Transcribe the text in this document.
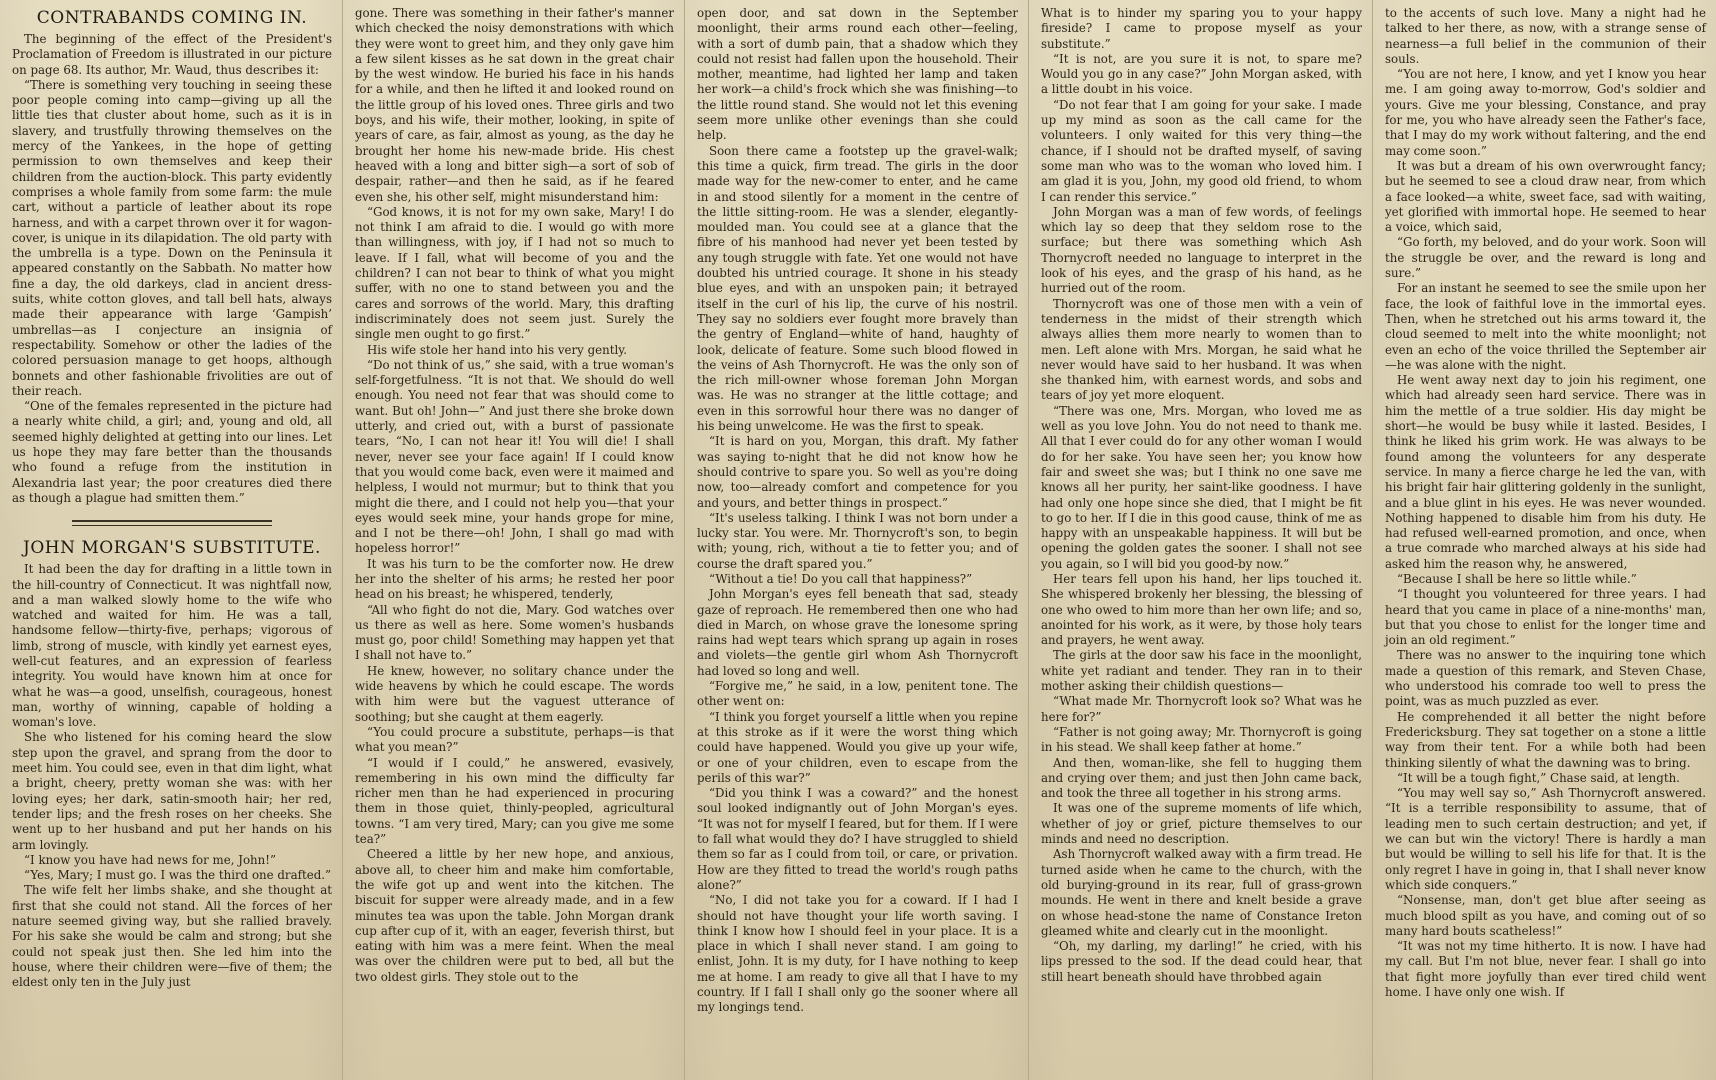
CONTRABANDS COMING IN.

The beginning of the effect of the President's Proclamation of Freedom is illustrated in our picture on page 68. Its author, Mr. Waud, thus describes it:

“There is something very touching in seeing these poor people coming into camp—giving up all the little ties that cluster about home, such as it is in slavery, and trustfully throwing themselves on the mercy of the Yankees, in the hope of getting permission to own themselves and keep their children from the auction-block. This party evidently comprises a whole family from some farm: the mule cart, without a particle of leather about its rope harness, and with a carpet thrown over it for wagon-cover, is unique in its dilapidation. The old party with the umbrella is a type. Down on the Peninsula it appeared constantly on the Sabbath. No matter how fine a day, the old darkeys, clad in ancient dress-suits, white cotton gloves, and tall bell hats, always made their appearance with large ‘Gampish’ umbrellas—as I conjecture an insignia of respectability. Somehow or other the ladies of the colored persuasion manage to get hoops, although bonnets and other fashionable frivolities are out of their reach.

“One of the females represented in the picture had a nearly white child, a girl; and, young and old, all seemed highly delighted at getting into our lines. Let us hope they may fare better than the thousands who found a refuge from the institution in Alexandria last year; the poor creatures died there as though a plague had smitten them.”

JOHN MORGAN'S SUBSTITUTE.

It had been the day for drafting in a little town in the hill-country of Connecticut. It was nightfall now, and a man walked slowly home to the wife who watched and waited for him. He was a tall, handsome fellow—thirty-five, perhaps; vigorous of limb, strong of muscle, with kindly yet earnest eyes, well-cut features, and an expression of fearless integrity. You would have known him at once for what he was—a good, unselfish, courageous, honest man, worthy of winning, capable of holding a woman's love.

She who listened for his coming heard the slow step upon the gravel, and sprang from the door to meet him. You could see, even in that dim light, what a bright, cheery, pretty woman she was: with her loving eyes; her dark, satin-smooth hair; her red, tender lips; and the fresh roses on her cheeks. She went up to her husband and put her hands on his arm lovingly.

“I know you have had news for me, John!”

“Yes, Mary; I must go. I was the third one drafted.”

The wife felt her limbs shake, and she thought at first that she could not stand. All the forces of her nature seemed giving way, but she rallied bravely. For his sake she would be calm and strong; but she could not speak just then. She led him into the house, where their children were—five of them; the eldest only ten in the July just

gone. There was something in their father's manner which checked the noisy demonstrations with which they were wont to greet him, and they only gave him a few silent kisses as he sat down in the great chair by the west window. He buried his face in his hands for a while, and then he lifted it and looked round on the little group of his loved ones. Three girls and two boys, and his wife, their mother, looking, in spite of years of care, as fair, almost as young, as the day he brought her home his new-made bride. His chest heaved with a long and bitter sigh—a sort of sob of despair, rather—and then he said, as if he feared even she, his other self, might misunderstand him:

“God knows, it is not for my own sake, Mary! I do not think I am afraid to die. I would go with more than willingness, with joy, if I had not so much to leave. If I fall, what will become of you and the children? I can not bear to think of what you might suffer, with no one to stand between you and the cares and sorrows of the world. Mary, this drafting indiscriminately does not seem just. Surely the single men ought to go first.”

His wife stole her hand into his very gently.

“Do not think of us,” she said, with a true woman's self-forgetfulness. “It is not that. We should do well enough. You need not fear that was should come to want. But oh! John—” And just there she broke down utterly, and cried out, with a burst of passionate tears, “No, I can not hear it! You will die! I shall never, never see your face again! If I could know that you would come back, even were it maimed and helpless, I would not murmur; but to think that you might die there, and I could not help you—that your eyes would seek mine, your hands grope for mine, and I not be there—oh! John, I shall go mad with hopeless horror!”

It was his turn to be the comforter now. He drew her into the shelter of his arms; he rested her poor head on his breast; he whispered, tenderly,

“All who fight do not die, Mary. God watches over us there as well as here. Some women's husbands must go, poor child! Something may happen yet that I shall not have to.”

He knew, however, no solitary chance under the wide heavens by which he could escape. The words with him were but the vaguest utterance of soothing; but she caught at them eagerly.

“You could procure a substitute, perhaps—is that what you mean?”

“I would if I could,” he answered, evasively, remembering in his own mind the difficulty far richer men than he had experienced in procuring them in those quiet, thinly-peopled, agricultural towns. “I am very tired, Mary; can you give me some tea?”

Cheered a little by her new hope, and anxious, above all, to cheer him and make him comfortable, the wife got up and went into the kitchen. The biscuit for supper were already made, and in a few minutes tea was upon the table. John Morgan drank cup after cup of it, with an eager, feverish thirst, but eating with him was a mere feint. When the meal was over the children were put to bed, all but the two oldest girls. They stole out to the

open door, and sat down in the September moonlight, their arms round each other—feeling, with a sort of dumb pain, that a shadow which they could not resist had fallen upon the household. Their mother, meantime, had lighted her lamp and taken her work—a child's frock which she was finishing—to the little round stand. She would not let this evening seem more unlike other evenings than she could help.

Soon there came a footstep up the gravel-walk; this time a quick, firm tread. The girls in the door made way for the new-comer to enter, and he came in and stood silently for a moment in the centre of the little sitting-room. He was a slender, elegantly-moulded man. You could see at a glance that the fibre of his manhood had never yet been tested by any tough struggle with fate. Yet one would not have doubted his untried courage. It shone in his steady blue eyes, and with an unspoken pain; it betrayed itself in the curl of his lip, the curve of his nostril. They say no soldiers ever fought more bravely than the gentry of England—white of hand, haughty of look, delicate of feature. Some such blood flowed in the veins of Ash Thornycroft. He was the only son of the rich mill-owner whose foreman John Morgan was. He was no stranger at the little cottage; and even in this sorrowful hour there was no danger of his being unwelcome. He was the first to speak.

“It is hard on you, Morgan, this draft. My father was saying to-night that he did not know how he should contrive to spare you. So well as you're doing now, too—already comfort and competence for you and yours, and better things in prospect.”

“It's useless talking. I think I was not born under a lucky star. You were. Mr. Thornycroft's son, to begin with; young, rich, without a tie to fetter you; and of course the draft spared you.”

“Without a tie! Do you call that happiness?”

John Morgan's eyes fell beneath that sad, steady gaze of reproach. He remembered then one who had died in March, on whose grave the lonesome spring rains had wept tears which sprang up again in roses and violets—the gentle girl whom Ash Thornycroft had loved so long and well.

“Forgive me,” he said, in a low, penitent tone. The other went on:

“I think you forget yourself a little when you repine at this stroke as if it were the worst thing which could have happened. Would you give up your wife, or one of your children, even to escape from the perils of this war?”

“Did you think I was a coward?” and the honest soul looked indignantly out of John Morgan's eyes. “It was not for myself I feared, but for them. If I were to fall what would they do? I have struggled to shield them so far as I could from toil, or care, or privation. How are they fitted to tread the world's rough paths alone?”

“No, I did not take you for a coward. If I had I should not have thought your life worth saving. I think I know how I should feel in your place. It is a place in which I shall never stand. I am going to enlist, John. It is my duty, for I have nothing to keep me at home. I am ready to give all that I have to my country. If I fall I shall only go the sooner where all my longings tend.

What is to hinder my sparing you to your happy fireside? I came to propose myself as your substitute.”

“It is not, are you sure it is not, to spare me? Would you go in any case?” John Morgan asked, with a little doubt in his voice.

“Do not fear that I am going for your sake. I made up my mind as soon as the call came for the volunteers. I only waited for this very thing—the chance, if I should not be drafted myself, of saving some man who was to the woman who loved him. I am glad it is you, John, my good old friend, to whom I can render this service.”

John Morgan was a man of few words, of feelings which lay so deep that they seldom rose to the surface; but there was something which Ash Thornycroft needed no language to interpret in the look of his eyes, and the grasp of his hand, as he hurried out of the room.

Thornycroft was one of those men with a vein of tenderness in the midst of their strength which always allies them more nearly to women than to men. Left alone with Mrs. Morgan, he said what he never would have said to her husband. It was when she thanked him, with earnest words, and sobs and tears of joy yet more eloquent.

“There was one, Mrs. Morgan, who loved me as well as you love John. You do not need to thank me. All that I ever could do for any other woman I would do for her sake. You have seen her; you know how fair and sweet she was; but I think no one save me knows all her purity, her saint-like goodness. I have had only one hope since she died, that I might be fit to go to her. If I die in this good cause, think of me as happy with an unspeakable happiness. It will but be opening the golden gates the sooner. I shall not see you again, so I will bid you good-by now.”

Her tears fell upon his hand, her lips touched it. She whispered brokenly her blessing, the blessing of one who owed to him more than her own life; and so, anointed for his work, as it were, by those holy tears and prayers, he went away.

The girls at the door saw his face in the moonlight, white yet radiant and tender. They ran in to their mother asking their childish questions—

“What made Mr. Thornycroft look so? What was he here for?”

“Father is not going away; Mr. Thornycroft is going in his stead. We shall keep father at home.”

And then, woman-like, she fell to hugging them and crying over them; and just then John came back, and took the three all together in his strong arms.

It was one of the supreme moments of life which, whether of joy or grief, picture themselves to our minds and need no description.

Ash Thornycroft walked away with a firm tread. He turned aside when he came to the church, with the old burying-ground in its rear, full of grass-grown mounds. He went in there and knelt beside a grave on whose head-stone the name of Constance Ireton gleamed white and clearly cut in the moonlight.

“Oh, my darling, my darling!” he cried, with his lips pressed to the sod. If the dead could hear, that still heart beneath should have throbbed again

to the accents of such love. Many a night had he talked to her there, as now, with a strange sense of nearness—a full belief in the communion of their souls.

“You are not here, I know, and yet I know you hear me. I am going away to-morrow, God's soldier and yours. Give me your blessing, Constance, and pray for me, you who have already seen the Father's face, that I may do my work without faltering, and the end may come soon.”

It was but a dream of his own overwrought fancy; but he seemed to see a cloud draw near, from which a face looked—a white, sweet face, sad with waiting, yet glorified with immortal hope. He seemed to hear a voice, which said,

“Go forth, my beloved, and do your work. Soon will the struggle be over, and the reward is long and sure.”

For an instant he seemed to see the smile upon her face, the look of faithful love in the immortal eyes. Then, when he stretched out his arms toward it, the cloud seemed to melt into the white moonlight; not even an echo of the voice thrilled the September air—he was alone with the night.

He went away next day to join his regiment, one which had already seen hard service. There was in him the mettle of a true soldier. His day might be short—he would be busy while it lasted. Besides, I think he liked his grim work. He was always to be found among the volunteers for any desperate service. In many a fierce charge he led the van, with his bright fair hair glittering goldenly in the sunlight, and a blue glint in his eyes. He was never wounded. Nothing happened to disable him from his duty. He had refused well-earned promotion, and once, when a true comrade who marched always at his side had asked him the reason why, he answered,

“Because I shall be here so little while.”

“I thought you volunteered for three years. I had heard that you came in place of a nine-months' man, but that you chose to enlist for the longer time and join an old regiment.”

There was no answer to the inquiring tone which made a question of this remark, and Steven Chase, who understood his comrade too well to press the point, was as much puzzled as ever.

He comprehended it all better the night before Fredericksburg. They sat together on a stone a little way from their tent. For a while both had been thinking silently of what the dawning was to bring.

“It will be a tough fight,” Chase said, at length.

“You may well say so,” Ash Thornycroft answered. “It is a terrible responsibility to assume, that of leading men to such certain destruction; and yet, if we can but win the victory! There is hardly a man but would be willing to sell his life for that. It is the only regret I have in going in, that I shall never know which side conquers.”

“Nonsense, man, don't get blue after seeing as much blood spilt as you have, and coming out of so many hard bouts scatheless!”

“It was not my time hitherto. It is now. I have had my call. But I'm not blue, never fear. I shall go into that fight more joyfully than ever tired child went home. I have only one wish. If
